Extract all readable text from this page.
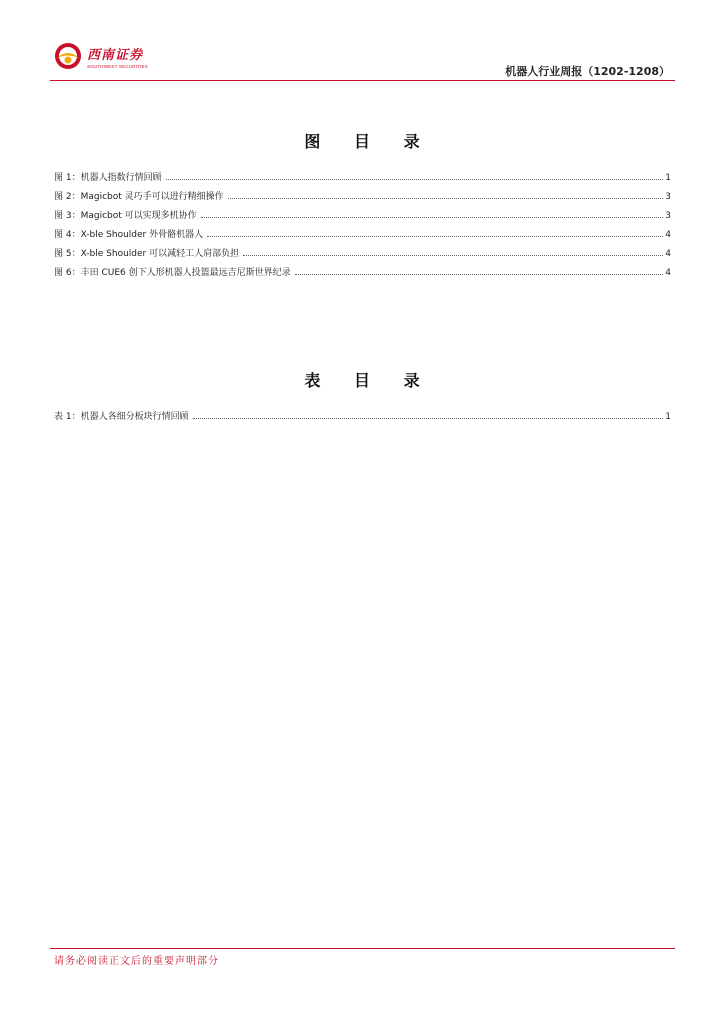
西南证券
SOUTHWEST SECURITIES	机器人行业周报（1202-1208）
图 目 录
图 1：机器人指数行情回顾	1
图 2：Magicbot 灵巧手可以进行精细操作	3
图 3：Magicbot 可以实现多机协作	3
图 4：X-ble Shoulder 外骨骼机器人	4
图 5：X-ble Shoulder 可以减轻工人肩部负担	4
图 6：丰田 CUE6 创下人形机器人投篮最远吉尼斯世界纪录	4
表 目 录
表 1：机器人各细分板块行情回顾	1
请务必阅读正文后的重要声明部分
